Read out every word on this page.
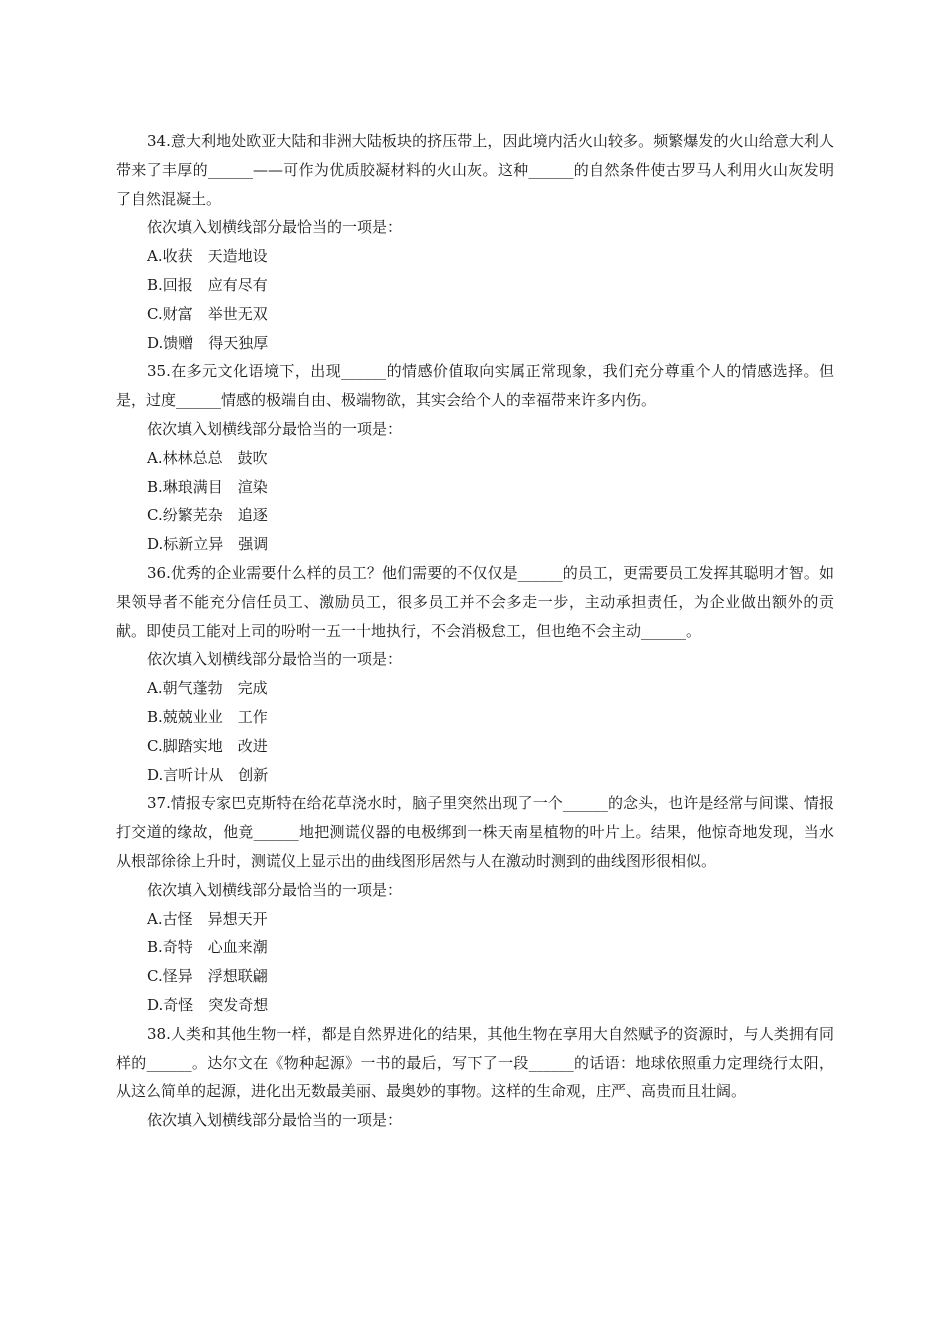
34.意大利地处欧亚大陆和非洲大陆板块的挤压带上，因此境内活火山较多。频繁爆发的火山给意大利人带来了丰厚的______——可作为优质胶凝材料的火山灰。这种______的自然条件使古罗马人利用火山灰发明了自然混凝土。

依次填入划横线部分最恰当的一项是：

A.收获　天造地设
B.回报　应有尽有
C.财富　举世无双
D.馈赠　得天独厚

35.在多元文化语境下，出现______的情感价值取向实属正常现象，我们充分尊重个人的情感选择。但是，过度______情感的极端自由、极端物欲，其实会给个人的幸福带来许多内伤。

依次填入划横线部分最恰当的一项是：

A.林林总总　鼓吹
B.琳琅满目　渲染
C.纷繁芜杂　追逐
D.标新立异　强调

36.优秀的企业需要什么样的员工？他们需要的不仅仅是______的员工，更需要员工发挥其聪明才智。如果领导者不能充分信任员工、激励员工，很多员工并不会多走一步，主动承担责任，为企业做出额外的贡献。即使员工能对上司的吩咐一五一十地执行，不会消极怠工，但也绝不会主动______。

依次填入划横线部分最恰当的一项是：

A.朝气蓬勃　完成
B.兢兢业业　工作
C.脚踏实地　改进
D.言听计从　创新

37.情报专家巴克斯特在给花草浇水时，脑子里突然出现了一个______的念头，也许是经常与间谍、情报打交道的缘故，他竟______地把测谎仪器的电极绑到一株天南星植物的叶片上。结果，他惊奇地发现，当水从根部徐徐上升时，测谎仪上显示出的曲线图形居然与人在激动时测到的曲线图形很相似。

依次填入划横线部分最恰当的一项是：

A.古怪　异想天开
B.奇特　心血来潮
C.怪异　浮想联翩
D.奇怪　突发奇想

38.人类和其他生物一样，都是自然界进化的结果，其他生物在享用大自然赋予的资源时，与人类拥有同样的______。达尔文在《物种起源》一书的最后，写下了一段______的话语：地球依照重力定理绕行太阳，从这么简单的起源，进化出无数最美丽、最奥妙的事物。这样的生命观，庄严、高贵而且壮阔。

依次填入划横线部分最恰当的一项是：
